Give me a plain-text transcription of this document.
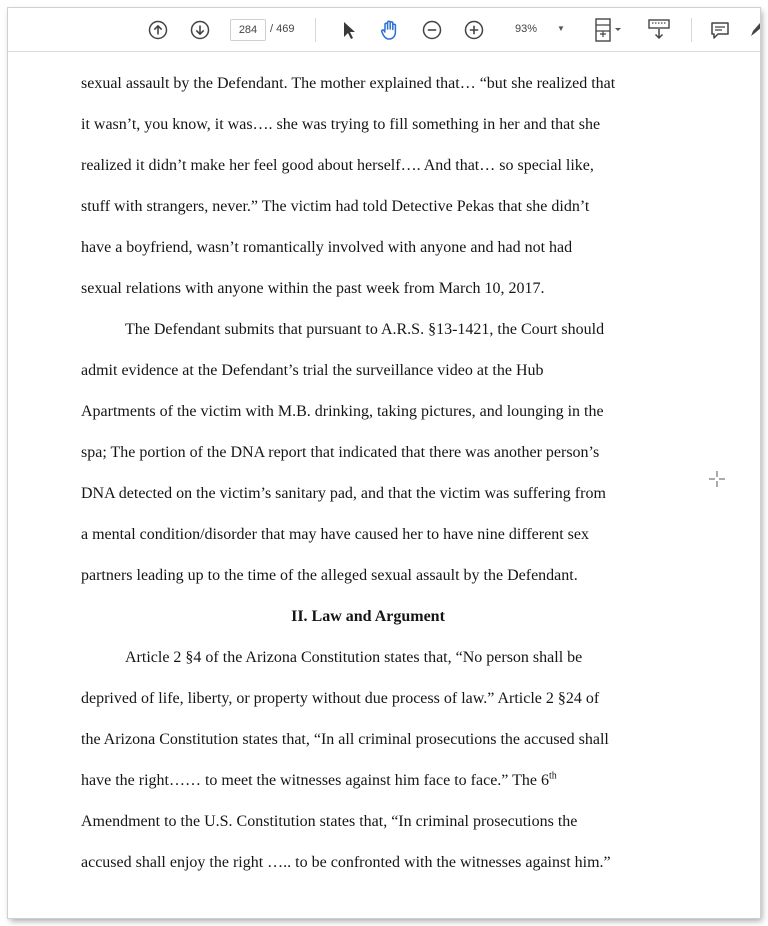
284	/ 469	93% ▼
sexual assault by the Defendant. The mother explained that… “but she realized that
it wasn’t, you know, it was…. she was trying to fill something in her and that she
realized it didn’t make her feel good about herself…. And that… so special like,
stuff with strangers, never.” The victim had told Detective Pekas that she didn’t
have a boyfriend, wasn’t romantically involved with anyone and had not had
sexual relations with anyone within the past week from March 10, 2017.
The Defendant submits that pursuant to A.R.S. §13-1421, the Court should
admit evidence at the Defendant’s trial the surveillance video at the Hub
Apartments of the victim with M.B. drinking, taking pictures, and lounging in the
spa; The portion of the DNA report that indicated that there was another person’s
DNA detected on the victim’s sanitary pad, and that the victim was suffering from
a mental condition/disorder that may have caused her to have nine different sex
partners leading up to the time of the alleged sexual assault by the Defendant.
II. Law and Argument
Article 2 §4 of the Arizona Constitution states that, “No person shall be
deprived of life, liberty, or property without due process of law.” Article 2 §24 of
the Arizona Constitution states that, “In all criminal prosecutions the accused shall
have the right…… to meet the witnesses against him face to face.” The 6th
Amendment to the U.S. Constitution states that, “In criminal prosecutions the
accused shall enjoy the right ….. to be confronted with the witnesses against him.”
